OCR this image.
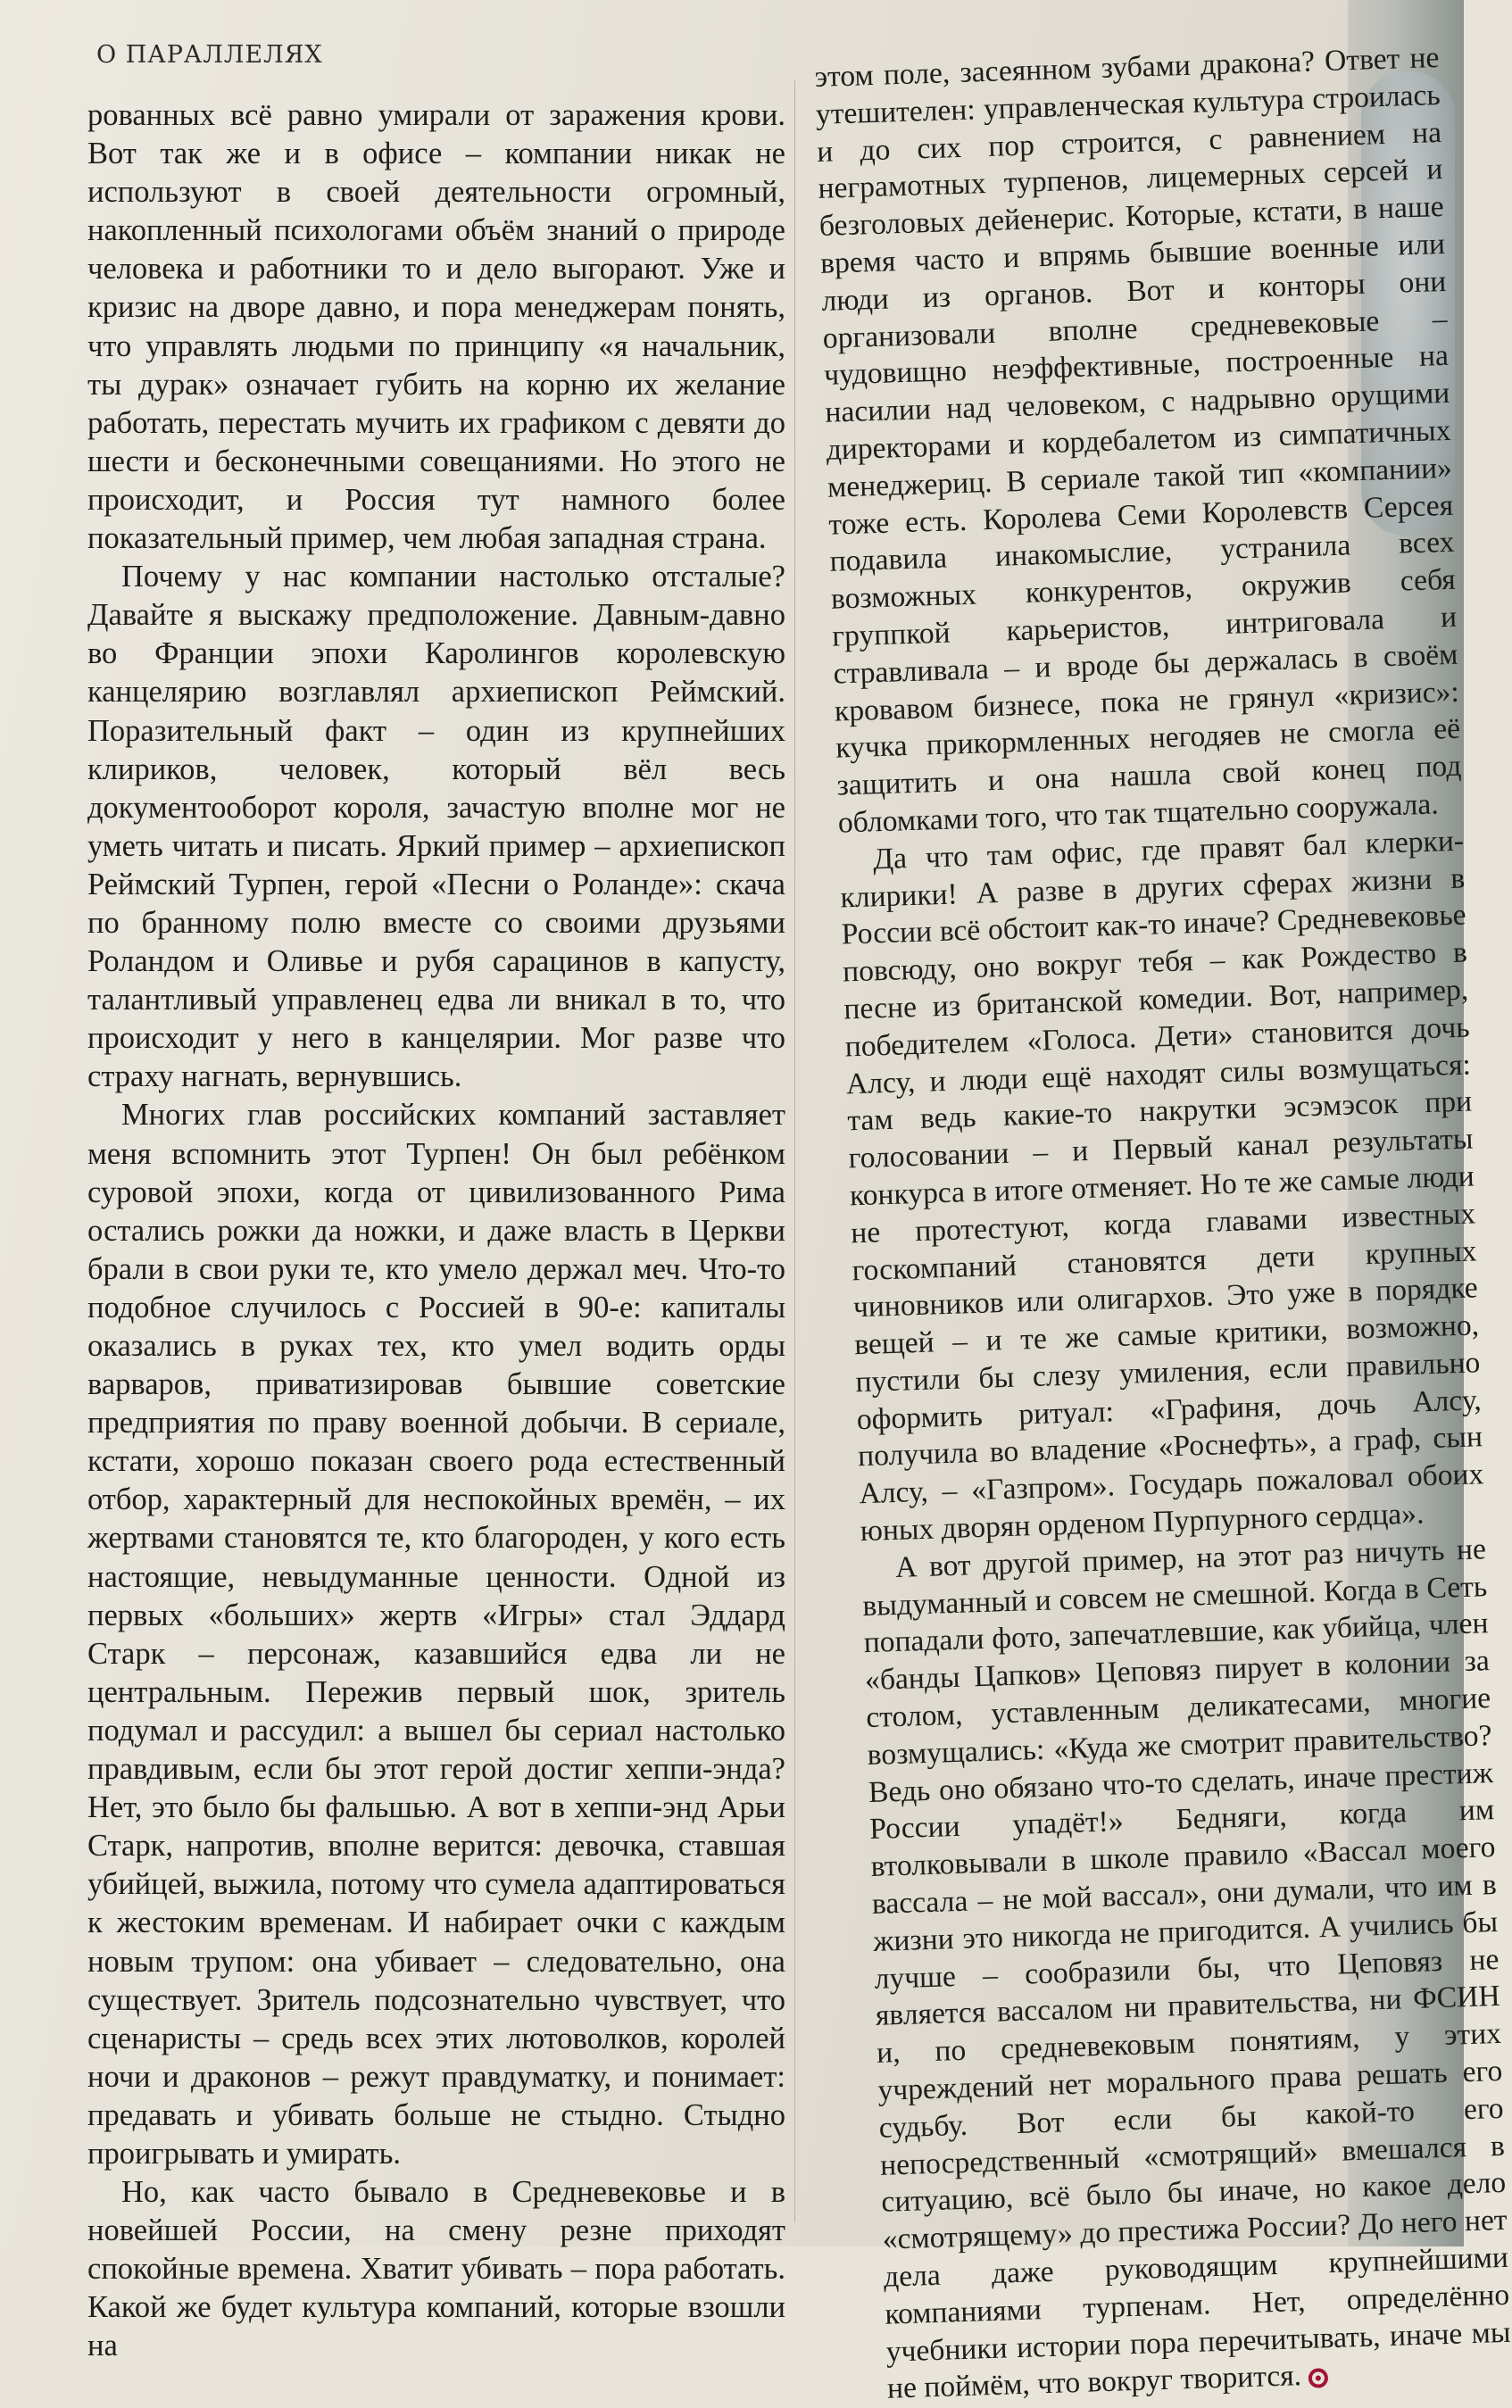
О ПАРАЛЛЕЛЯХ

рованных всё равно умирали от заражения крови. Вот так же и в офисе – компании никак не используют в своей деятельности огромный, накопленный психологами объём знаний о природе человека и работники то и дело выгорают. Уже и кризис на дворе давно, и пора менеджерам понять, что управлять людьми по принципу «я начальник, ты дурак» означает губить на корню их желание работать, перестать мучить их графиком с девяти до шести и бесконечными совещаниями. Но этого не происходит, и Россия тут намного более показательный пример, чем любая западная страна.

Почему у нас компании настолько отсталые? Давайте я выскажу предположение. Давным-давно во Франции эпохи Каролингов королевскую канцелярию возглавлял архиепископ Реймский. Поразительный факт – один из крупнейших клириков, человек, который вёл весь документооборот короля, зачастую вполне мог не уметь читать и писать. Яркий пример – архиепископ Реймский Турпен, герой «Песни о Роланде»: скача по бранному полю вместе со своими друзьями Роландом и Оливье и рубя сарацинов в капусту, талантливый управленец едва ли вникал в то, что происходит у него в канцелярии. Мог разве что страху нагнать, вернувшись.

Многих глав российских компаний заставляет меня вспомнить этот Турпен! Он был ребёнком суровой эпохи, когда от цивилизованного Рима остались рожки да ножки, и даже власть в Церкви брали в свои руки те, кто умело держал меч. Что-то подобное случилось с Россией в 90-е: капиталы оказались в руках тех, кто умел водить орды варваров, приватизировав бывшие советские предприятия по праву военной добычи. В сериале, кстати, хорошо показан своего рода естественный отбор, характерный для неспокойных времён, – их жертвами становятся те, кто благороден, у кого есть настоящие, невыдуманные ценности. Одной из первых «больших» жертв «Игры» стал Эддард Старк – персонаж, казавшийся едва ли не центральным. Пережив первый шок, зритель подумал и рассудил: а вышел бы сериал настолько правдивым, если бы этот герой достиг хеппи-энда? Нет, это было бы фальшью. А вот в хеппи-энд Арьи Старк, напротив, вполне верится: девочка, ставшая убийцей, выжила, потому что сумела адаптироваться к жестоким временам. И набирает очки с каждым новым трупом: она убивает – следовательно, она существует. Зритель подсознательно чувствует, что сценаристы – средь всех этих лютоволков, королей ночи и драконов – режут правдуматку, и понимает: предавать и убивать больше не стыдно. Стыдно проигрывать и умирать.

Но, как часто бывало в Средневековье и в новейшей России, на смену резне приходят спокойные времена. Хватит убивать – пора работать. Какой же будет культура компаний, которые взошли на

этом поле, засеянном зубами дракона? Ответ не утешителен: управленческая культура строилась и до сих пор строится, с равнением на неграмотных турпенов, лицемерных серсей и безголовых дейенерис. Которые, кстати, в наше время часто и впрямь бывшие военные или люди из органов. Вот и конторы они организовали вполне средневековые – чудовищно неэффективные, построенные на насилии над человеком, с надрывно орущими директорами и кордебалетом из симпатичных менеджериц. В сериале такой тип «компании» тоже есть. Королева Семи Королевств Серсея подавила инакомыслие, устранила всех возможных конкурентов, окружив себя группкой карьеристов, интриговала и стравливала – и вроде бы держалась в своём кровавом бизнесе, пока не грянул «кризис»: кучка прикормленных негодяев не смогла её защитить и она нашла свой конец под обломками того, что так тщательно сооружала.

Да что там офис, где правят бал клерки-клирики! А разве в других сферах жизни в России всё обстоит как-то иначе? Средневековье повсюду, оно вокруг тебя – как Рождество в песне из британской комедии. Вот, например, победителем «Голоса. Дети» становится дочь Алсу, и люди ещё находят силы возмущаться: там ведь какие-то накрутки эсэмэсок при голосовании – и Первый канал результаты конкурса в итоге отменяет. Но те же самые люди не протестуют, когда главами известных госкомпаний становятся дети крупных чиновников или олигархов. Это уже в порядке вещей – и те же самые критики, возможно, пустили бы слезу умиления, если правильно оформить ритуал: «Графиня, дочь Алсу, получила во владение «Роснефть», а граф, сын Алсу, – «Газпром». Государь пожаловал обоих юных дворян орденом Пурпурного сердца».

А вот другой пример, на этот раз ничуть не выдуманный и совсем не смешной. Когда в Сеть попадали фото, запечатлевшие, как убийца, член «банды Цапков» Цеповяз пирует в колонии за столом, уставленным деликатесами, многие возмущались: «Куда же смотрит правительство? Ведь оно обязано что-то сделать, иначе престиж России упадёт!» Бедняги, когда им втолковывали в школе правило «Вассал моего вассала – не мой вассал», они думали, что им в жизни это никогда не пригодится. А учились бы лучше – сообразили бы, что Цеповяз не является вассалом ни правительства, ни ФСИН и, по средневековым понятиям, у этих учреждений нет морального права решать его судьбу. Вот если бы какой-то его непосредственный «смотрящий» вмешался в ситуацию, всё было бы иначе, но какое дело «смотрящему» до престижа России? До него нет дела даже руководящим крупнейшими компаниями турпенам. Нет, определённо учебники истории пора перечитывать, иначе мы не поймём, что вокруг творится.
